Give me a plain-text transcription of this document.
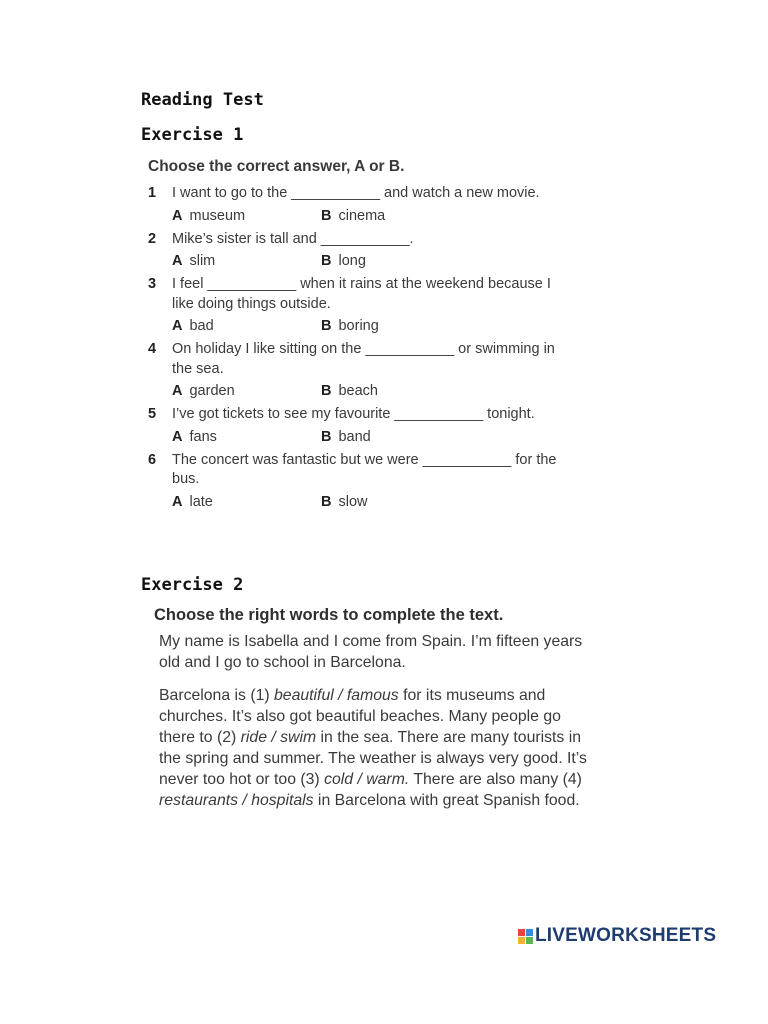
Reading Test
Exercise 1
Choose the correct answer, A or B.
1 I want to go to the ___________ and watch a new movie.
A museum	B cinema
2 Mike’s sister is tall and ___________.
A slim	B long
3 I feel ___________ when it rains at the weekend because I like doing things outside.
A bad	B boring
4 On holiday I like sitting on the ___________ or swimming in the sea.
A garden	B beach
5 I’ve got tickets to see my favourite ___________ tonight.
A fans	B band
6 The concert was fantastic but we were ___________ for the bus.
A late	B slow
Exercise 2
Choose the right words to complete the text.

My name is Isabella and I come from Spain. I’m fifteen years old and I go to school in Barcelona.

Barcelona is (1) beautiful / famous for its museums and churches. It’s also got beautiful beaches. Many people go there to (2) ride / swim in the sea. There are many tourists in the spring and summer. The weather is always very good. It’s never too hot or too (3) cold / warm. There are also many (4) restaurants / hospitals in Barcelona with great Spanish food.

LIVEWORKSHEETS
